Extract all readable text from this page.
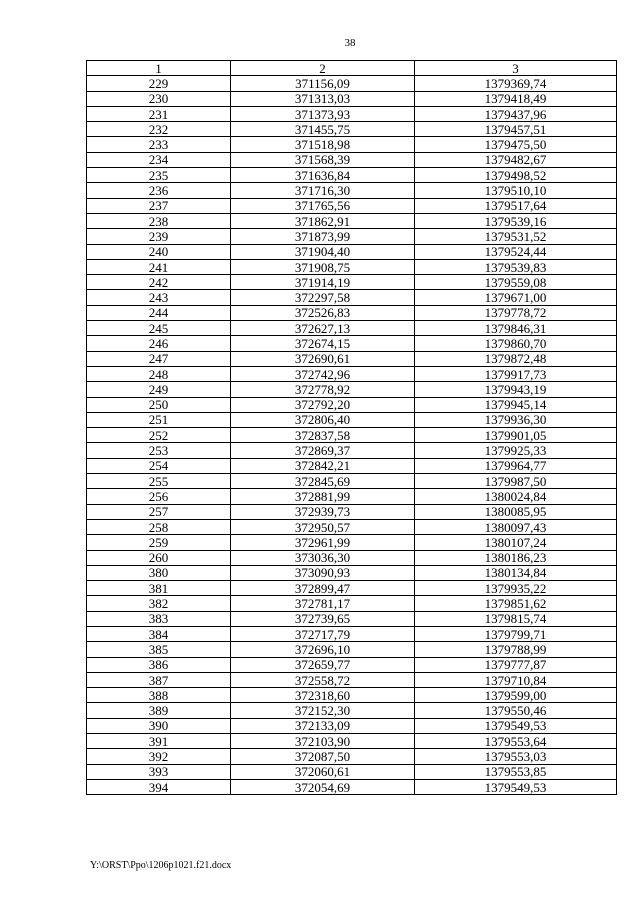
38
1	2	3
229	371156,09	1379369,74
230	371313,03	1379418,49
231	371373,93	1379437,96
232	371455,75	1379457,51
233	371518,98	1379475,50
234	371568,39	1379482,67
235	371636,84	1379498,52
236	371716,30	1379510,10
237	371765,56	1379517,64
238	371862,91	1379539,16
239	371873,99	1379531,52
240	371904,40	1379524,44
241	371908,75	1379539,83
242	371914,19	1379559,08
243	372297,58	1379671,00
244	372526,83	1379778,72
245	372627,13	1379846,31
246	372674,15	1379860,70
247	372690,61	1379872,48
248	372742,96	1379917,73
249	372778,92	1379943,19
250	372792,20	1379945,14
251	372806,40	1379936,30
252	372837,58	1379901,05
253	372869,37	1379925,33
254	372842,21	1379964,77
255	372845,69	1379987,50
256	372881,99	1380024,84
257	372939,73	1380085,95
258	372950,57	1380097,43
259	372961,99	1380107,24
260	373036,30	1380186,23
380	373090,93	1380134,84
381	372899,47	1379935,22
382	372781,17	1379851,62
383	372739,65	1379815,74
384	372717,79	1379799,71
385	372696,10	1379788,99
386	372659,77	1379777,87
387	372558,72	1379710,84
388	372318,60	1379599,00
389	372152,30	1379550,46
390	372133,09	1379549,53
391	372103,90	1379553,64
392	372087,50	1379553,03
393	372060,61	1379553,85
394	372054,69	1379549,53
Y:\ORST\Ppo\1206p1021.f21.docx
